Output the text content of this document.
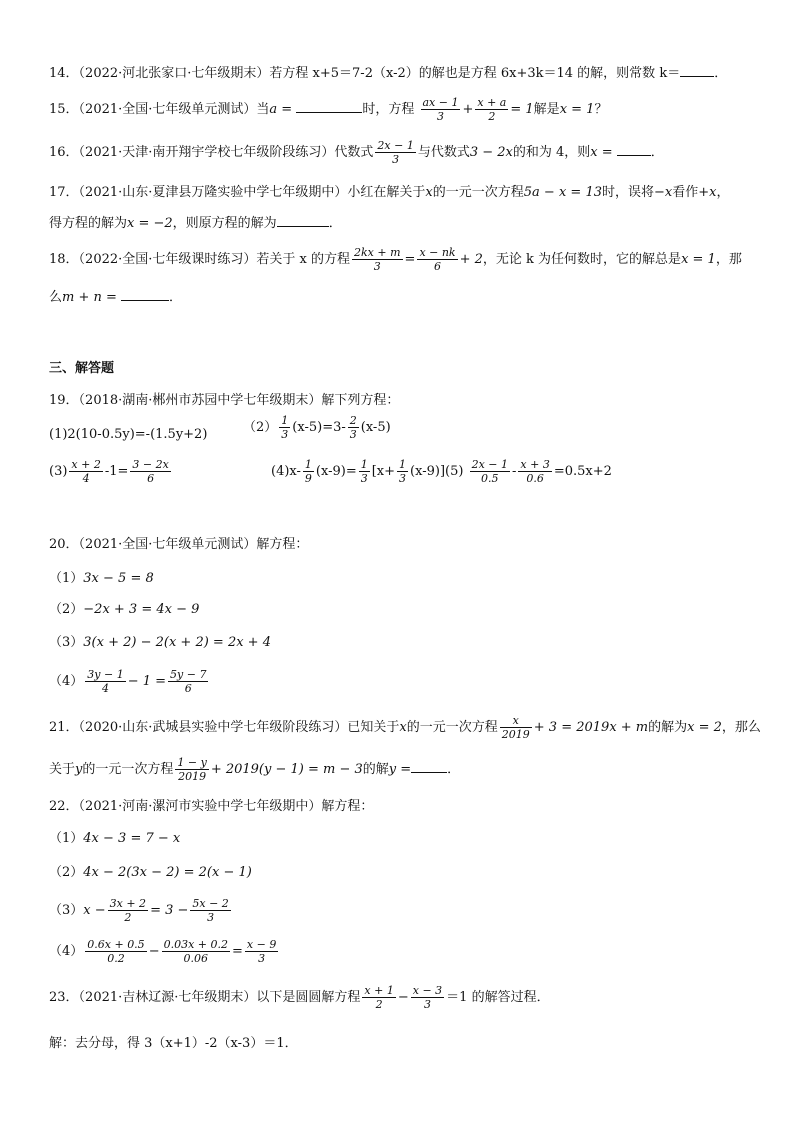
14．（2022·河北张家口·七年级期末）若方程 x+5＝7-2（x-2）的解也是方程 6x+3k＝14 的解，则常数 k＝	．
15．（2021·全国·七年级单元测试）当a =	时，方程 $\frac{ax - 1}{3} + \frac{x + a}{2} = 1$解是x = 1？
16．（2021·天津·南开翔宇学校七年级阶段练习）代数式 $\frac{2x - 1}{3}$ 与代数式3 − 2x的和为 4，则x =	．
17．（2021·山东·夏津县万隆实验中学七年级期中）小红在解关于x的一元一次方程5a − x = 13时，误将−x看作+x，
得方程的解为x = −2，则原方程的解为	．
18．（2022·全国·七年级课时练习）若关于 x 的方程 $\frac{2kx + m}{3} = \frac{x - nk}{6} + 2$，无论 k 为任何数时，它的解总是x = 1，那
么m + n =	．
三、解答题
19．（2018·湖南·郴州市苏园中学七年级期末）解下列方程：
(1)2(10-0.5y)=-(1.5y+2)	$(2) \frac{1}{3} (x-5)=3- \frac{2}{3} (x-5)$
$(3) \frac{x + 2}{4} -1= \frac{3 - 2x}{6}$	$(4)x- \frac{1}{9} (x-9)= \frac{1}{3} [x+ \frac{1}{3} (x-9)](5) \frac{2x - 1}{0.5} - \frac{x + 3}{0.6} =0.5x+2$
20．（2021·全国·七年级单元测试）解方程：
（1）3x − 5 = 8
（2）−2x + 3 = 4x − 9
（3）3(x + 2) − 2(x + 2) = 2x + 4
$(4) \frac{3y - 1}{4} - 1 = \frac{5y - 7}{6}$
21．（2020·山东·武城县实验中学七年级阶段练习）已知关于x的一元一次方程 $\frac{x}{2019} + 3 = 2019x + m$的解为x = 2，那么
关于y的一元一次方程 $\frac{1 - y}{2019} + 2019(y - 1) = m - 3$的解y =	．
22．（2021·河南·漯河市实验中学七年级期中）解方程：
（1）4x − 3 = 7 − x
（2）4x − 2(3x − 2) = 2(x − 1)
$(3)x - \frac{3x + 2}{2} = 3 - \frac{5x - 2}{3}$
$(4) \frac{0.6x + 0.5}{0.2} - \frac{0.03x + 0.2}{0.06} = \frac{x - 9}{3}$
23．（2021·吉林辽源·七年级期末）以下是圆圆解方程 $\frac{x + 1}{2} - \frac{x - 3}{3} =1$ 的解答过程．
解：去分母，得 3（x+1）-2（x-3）＝1．
